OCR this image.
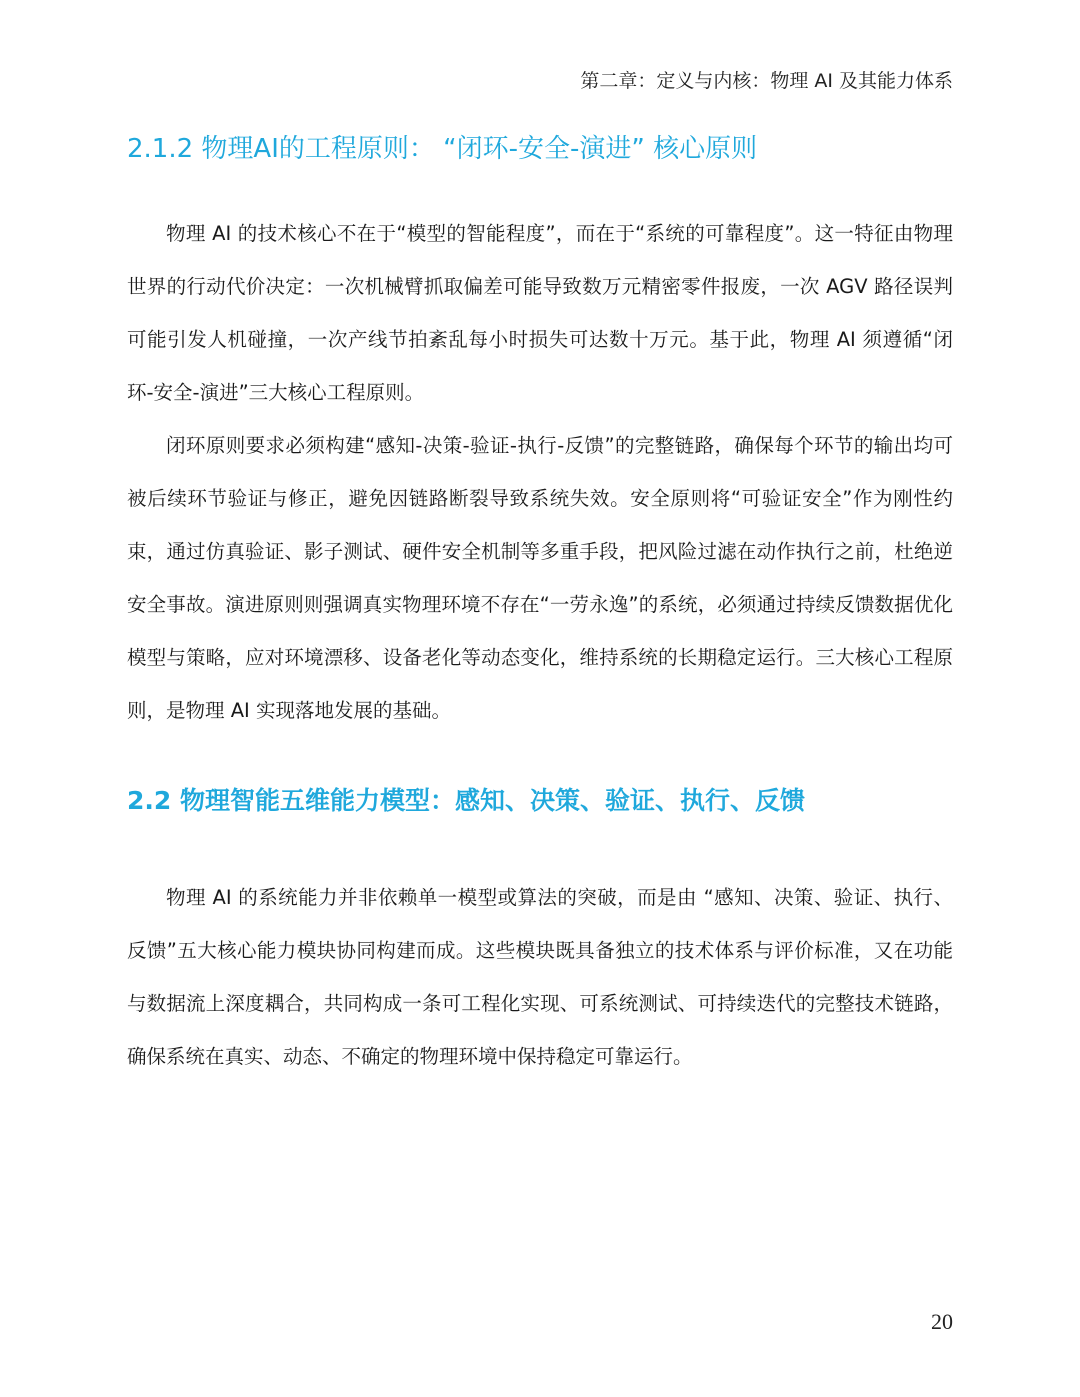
第二章：定义与内核：物理 AI 及其能力体系
2.1.2 物理AI的工程原则： “闭环-安全-演进” 核心原则

物理 AI 的技术核心不在于“模型的智能程度”，而在于“系统的可靠程度”。这一特征由物理世界的行动代价决定：一次机械臂抓取偏差可能导致数万元精密零件报废，一次 AGV 路径误判可能引发人机碰撞，一次产线节拍紊乱每小时损失可达数十万元。基于此，物理 AI 须遵循“闭环-安全-演进”三大核心工程原则。

闭环原则要求必须构建“感知-决策-验证-执行-反馈”的完整链路，确保每个环节的输出均可被后续环节验证与修正，避免因链路断裂导致系统失效。安全原则将“可验证安全”作为刚性约束，通过仿真验证、影子测试、硬件安全机制等多重手段，把风险过滤在动作执行之前，杜绝逆安全事故。演进原则则强调真实物理环境不存在“一劳永逸”的系统，必须通过持续反馈数据优化模型与策略，应对环境漂移、设备老化等动态变化，维持系统的长期稳定运行。三大核心工程原则，是物理 AI 实现落地发展的基础。

2.2 物理智能五维能力模型：感知、决策、验证、执行、反馈

物理 AI 的系统能力并非依赖单一模型或算法的突破，而是由 “感知、决策、验证、执行、反馈”五大核心能力模块协同构建而成。这些模块既具备独立的技术体系与评价标准，又在功能与数据流上深度耦合，共同构成一条可工程化实现、可系统测试、可持续迭代的完整技术链路，确保系统在真实、动态、不确定的物理环境中保持稳定可靠运行。

20
